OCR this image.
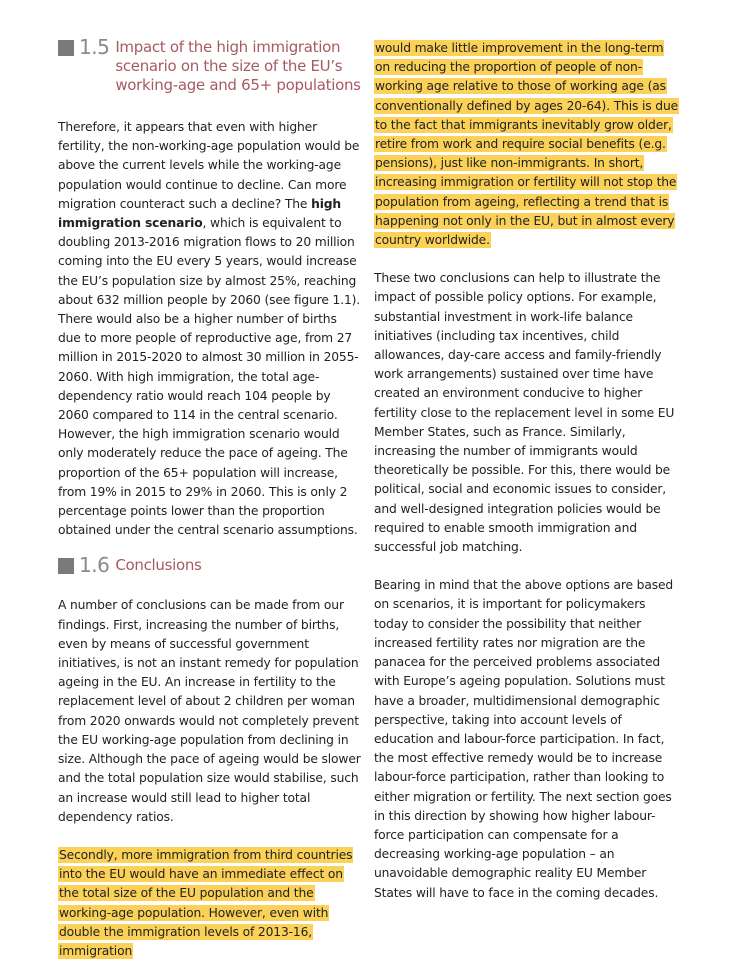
1.5 Impact of the high immigration scenario on the size of the EU’s working-age and 65+ populations

Therefore, it appears that even with higher fertility, the non-working-age population would be above the current levels while the working-age population would continue to decline. Can more migration counteract such a decline? The high immigration scenario, which is equivalent to doubling 2013-2016 migration flows to 20 million coming into the EU every 5 years, would increase the EU’s population size by almost 25%, reaching about 632 million people by 2060 (see figure 1.1). There would also be a higher number of births due to more people of reproductive age, from 27 million in 2015-2020 to almost 30 million in 2055-2060. With high immigration, the total age-dependency ratio would reach 104 people by 2060 compared to 114 in the central scenario. However, the high immigration scenario would only moderately reduce the pace of ageing. The proportion of the 65+ population will increase, from 19% in 2015 to 29% in 2060. This is only 2 percentage points lower than the proportion obtained under the central scenario assumptions.

1.6 Conclusions

A number of conclusions can be made from our findings. First, increasing the number of births, even by means of successful government initiatives, is not an instant remedy for population ageing in the EU. An increase in fertility to the replacement level of about 2 children per woman from 2020 onwards would not completely prevent the EU working-age population from declining in size. Although the pace of ageing would be slower and the total population size would stabilise, such an increase would still lead to higher total dependency ratios.

Secondly, more immigration from third countries into the EU would have an immediate effect on the total size of the EU population and the working-age population. However, even with double the immigration levels of 2013-16, immigration

would make little improvement in the long-term on reducing the proportion of people of non-working age relative to those of working age (as conventionally defined by ages 20-64). This is due to the fact that immigrants inevitably grow older, retire from work and require social benefits (e.g. pensions), just like non-immigrants. In short, increasing immigration or fertility will not stop the population from ageing, reflecting a trend that is happening not only in the EU, but in almost every country worldwide.

These two conclusions can help to illustrate the impact of possible policy options. For example, substantial investment in work-life balance initiatives (including tax incentives, child allowances, day-care access and family-friendly work arrangements) sustained over time have created an environment conducive to higher fertility close to the replacement level in some EU Member States, such as France. Similarly, increasing the number of immigrants would theoretically be possible. For this, there would be political, social and economic issues to consider, and well-designed integration policies would be required to enable smooth immigration and successful job matching.

Bearing in mind that the above options are based on scenarios, it is important for policymakers today to consider the possibility that neither increased fertility rates nor migration are the panacea for the perceived problems associated with Europe’s ageing population. Solutions must have a broader, multidimensional demographic perspective, taking into account levels of education and labour-force participation. In fact, the most effective remedy would be to increase labour-force participation, rather than looking to either migration or fertility. The next section goes in this direction by showing how higher labour-force participation can compensate for a decreasing working-age population – an unavoidable demographic reality EU Member States will have to face in the coming decades.
